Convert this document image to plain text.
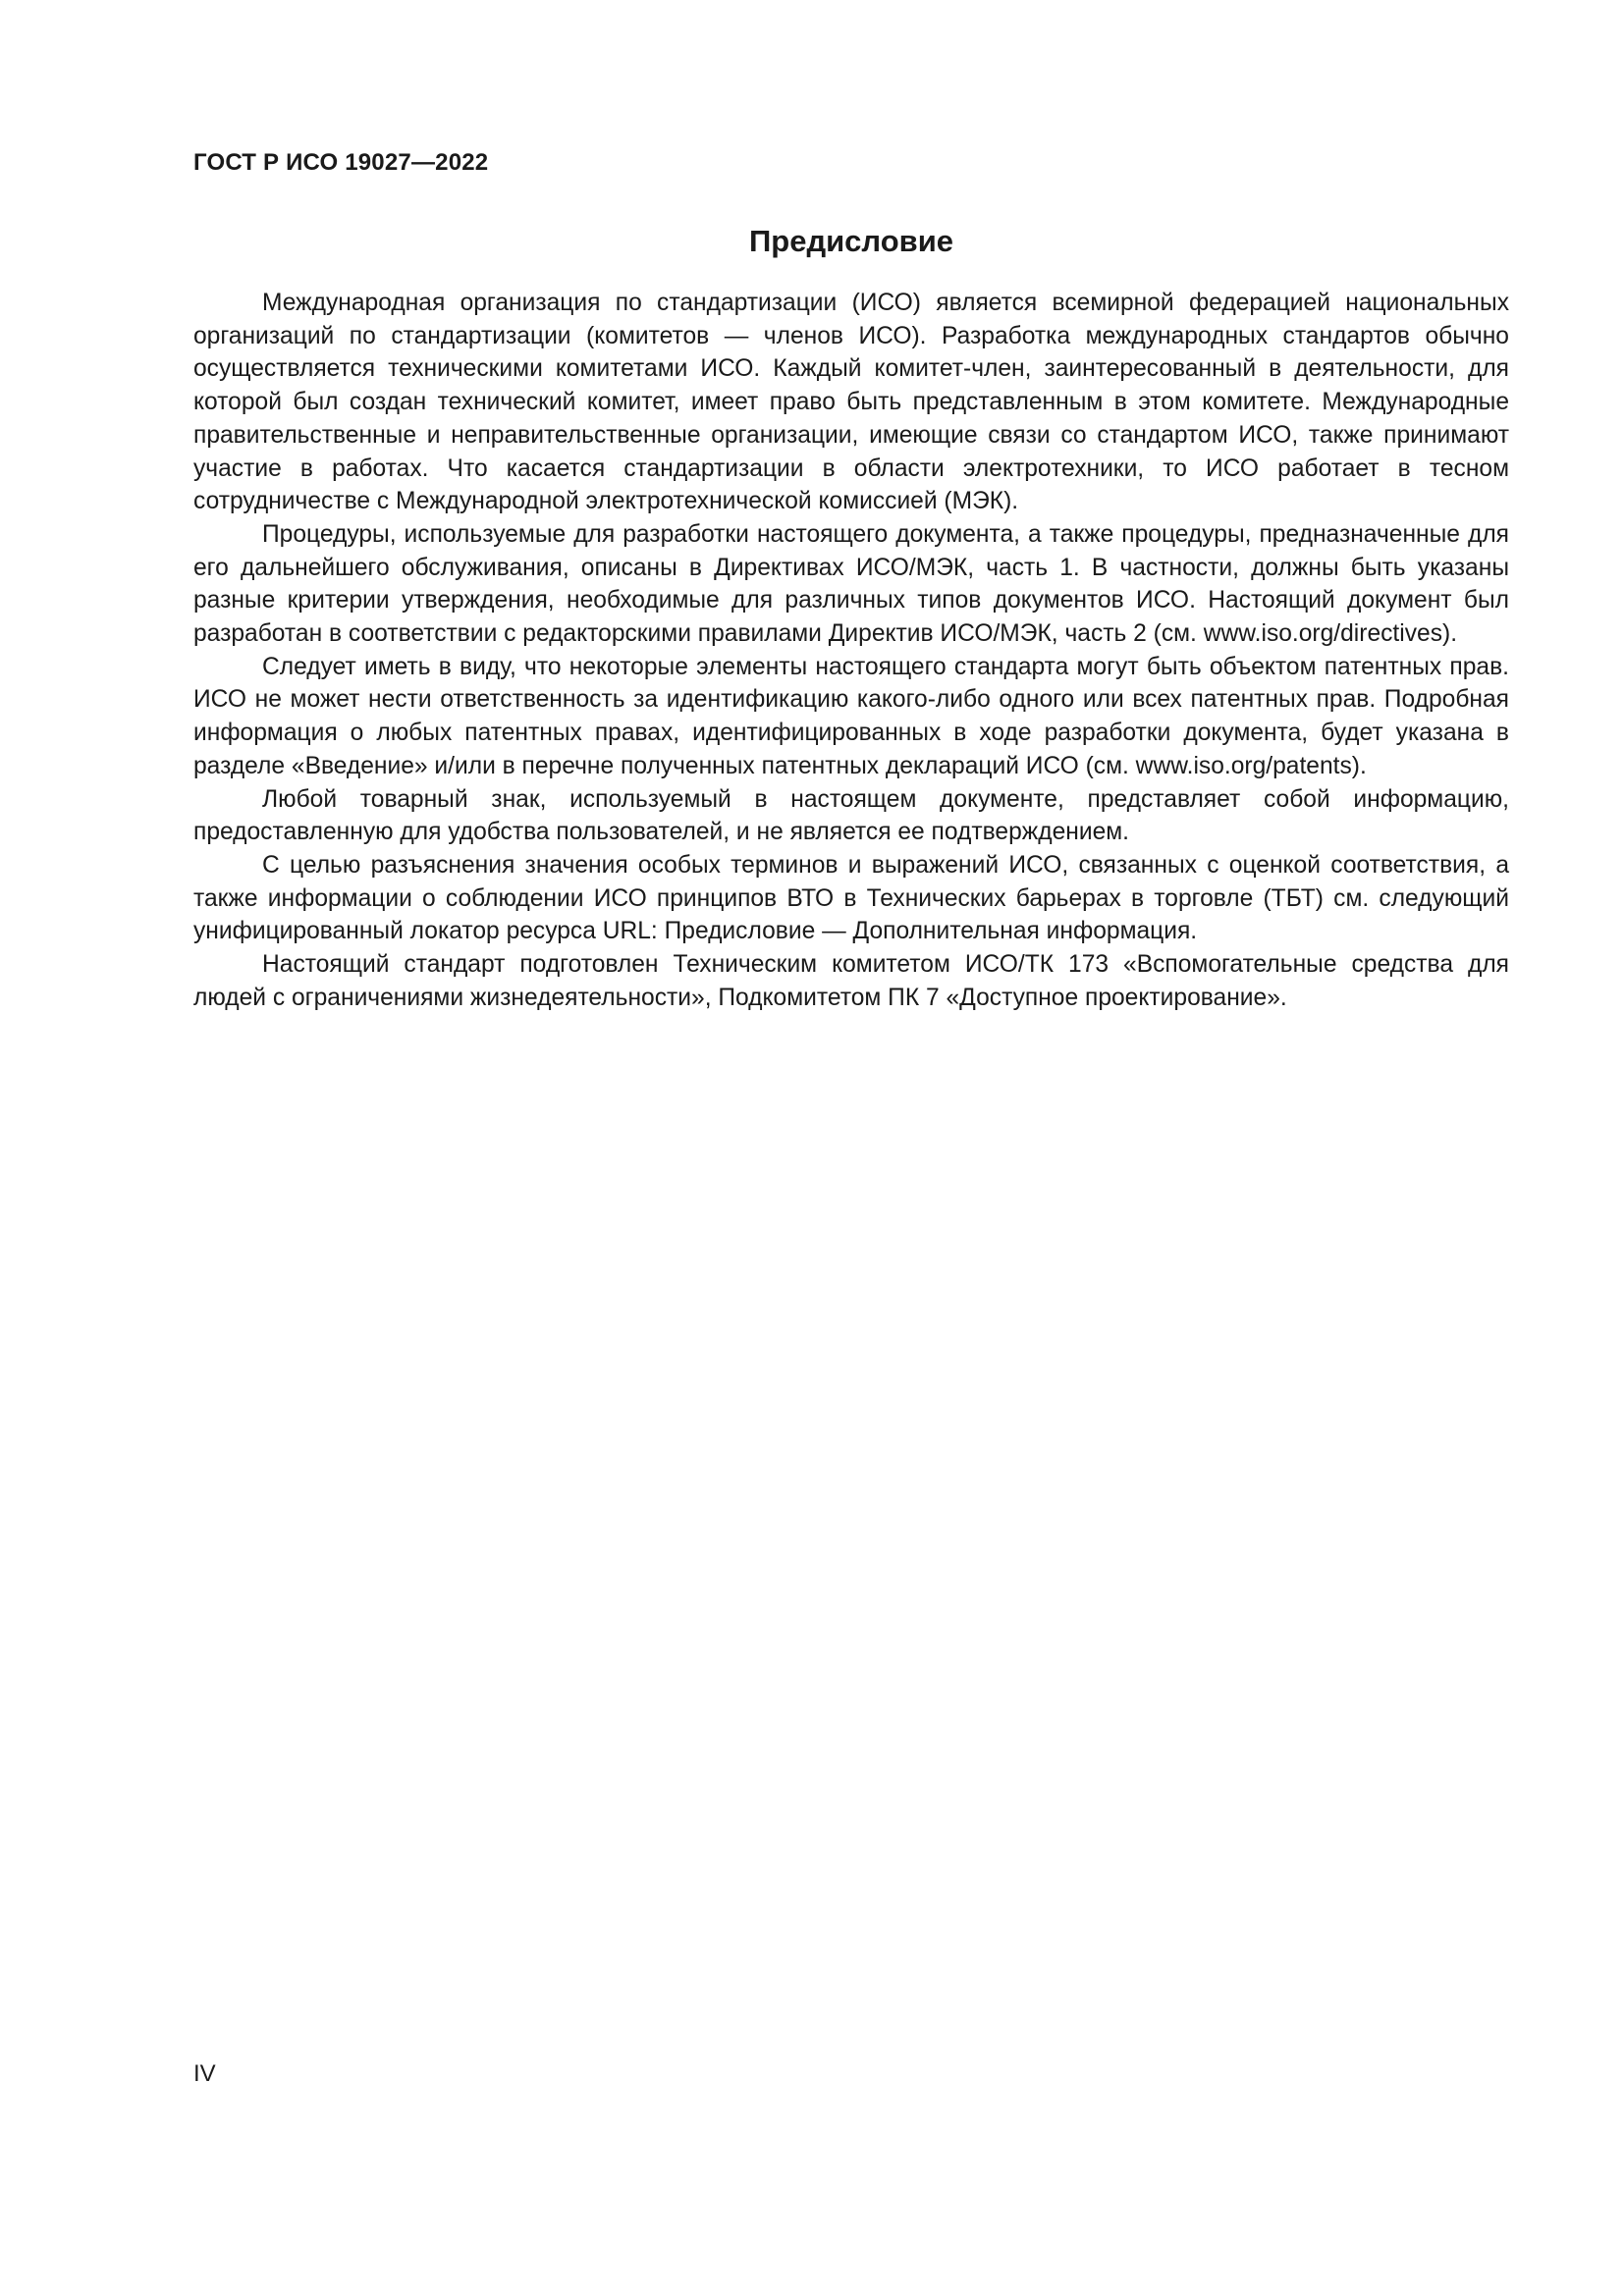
ГОСТ Р ИСО 19027—2022

Предисловие

Международная организация по стандартизации (ИСО) является всемирной федерацией национальных организаций по стандартизации (комитетов — членов ИСО). Разработка международных стандартов обычно осуществляется техническими комитетами ИСО. Каждый комитет-член, заинтересованный в деятельности, для которой был создан технический комитет, имеет право быть представленным в этом комитете. Международные правительственные и неправительственные организации, имеющие связи со стандартом ИСО, также принимают участие в работах. Что касается стандартизации в области электротехники, то ИСО работает в тесном сотрудничестве с Международной электротехнической комиссией (МЭК).

Процедуры, используемые для разработки настоящего документа, а также процедуры, предназначенные для его дальнейшего обслуживания, описаны в Директивах ИСО/МЭК, часть 1. В частности, должны быть указаны разные критерии утверждения, необходимые для различных типов документов ИСО. Настоящий документ был разработан в соответствии с редакторскими правилами Директив ИСО/МЭК, часть 2 (см. www.iso.org/directives).

Следует иметь в виду, что некоторые элементы настоящего стандарта могут быть объектом патентных прав. ИСО не может нести ответственность за идентификацию какого-либо одного или всех патентных прав. Подробная информация о любых патентных правах, идентифицированных в ходе разработки документа, будет указана в разделе «Введение» и/или в перечне полученных патентных деклараций ИСО (см. www.iso.org/patents).

Любой товарный знак, используемый в настоящем документе, представляет собой информацию, предоставленную для удобства пользователей, и не является ее подтверждением.

С целью разъяснения значения особых терминов и выражений ИСО, связанных с оценкой соответствия, а также информации о соблюдении ИСО принципов ВТО в Технических барьерах в торговле (ТБТ) см. следующий унифицированный локатор ресурса URL: Предисловие — Дополнительная информация.

Настоящий стандарт подготовлен Техническим комитетом ИСО/ТК 173 «Вспомогательные средства для людей с ограничениями жизнедеятельности», Подкомитетом ПК 7 «Доступное проектирование».

IV
